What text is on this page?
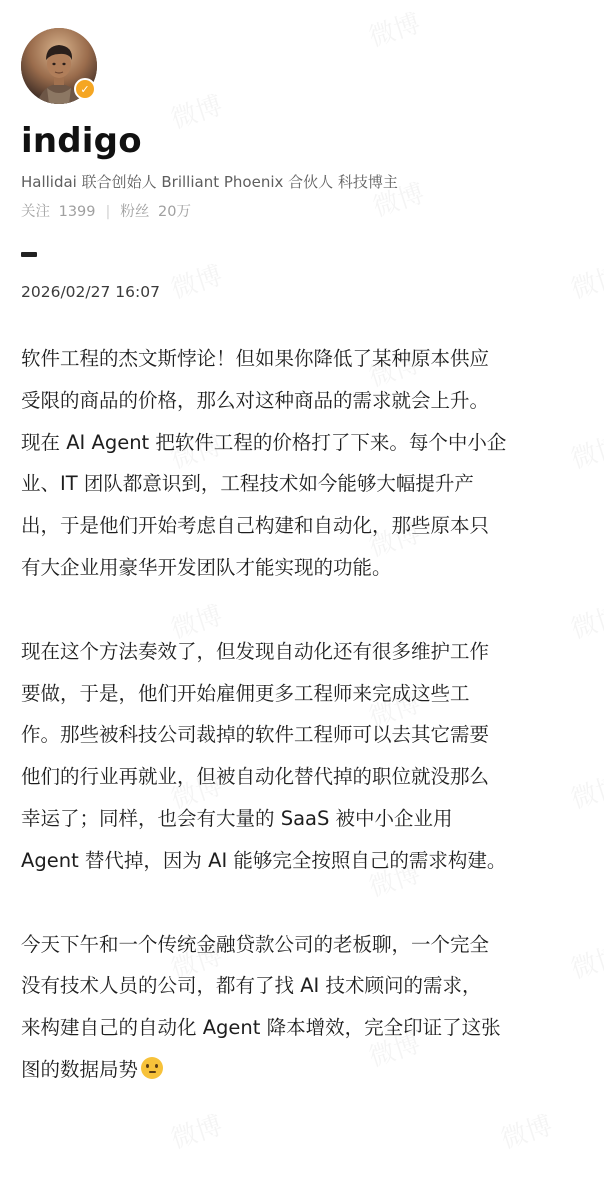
✓
indigo
Hallidai 联合创始人 Brilliant Phoenix 合伙人 科技博主
关注 1399 | 粉丝 20万
2026/02/27 16:07

软件工程的杰文斯悖论！但如果你降低了某种原本供应
受限的商品的价格，那么对这种商品的需求就会上升。
现在 AI Agent 把软件工程的价格打了下来。每个中小企
业、IT 团队都意识到，工程技术如今能够大幅提升产
出，于是他们开始考虑自己构建和自动化，那些原本只
有大企业用豪华开发团队才能实现的功能。

现在这个方法奏效了，但发现自动化还有很多维护工作
要做，于是，他们开始雇佣更多工程师来完成这些工
作。那些被科技公司裁掉的软件工程师可以去其它需要
他们的行业再就业，但被自动化替代掉的职位就没那么
幸运了；同样，也会有大量的 SaaS 被中小企业用
Agent 替代掉，因为 AI 能够完全按照自己的需求构建。

今天下午和一个传统金融贷款公司的老板聊，一个完全
没有技术人员的公司，都有了找 AI 技术顾问的需求，
来构建自己的自动化 Agent 降本增效，完全印证了这张
图的数据局势
